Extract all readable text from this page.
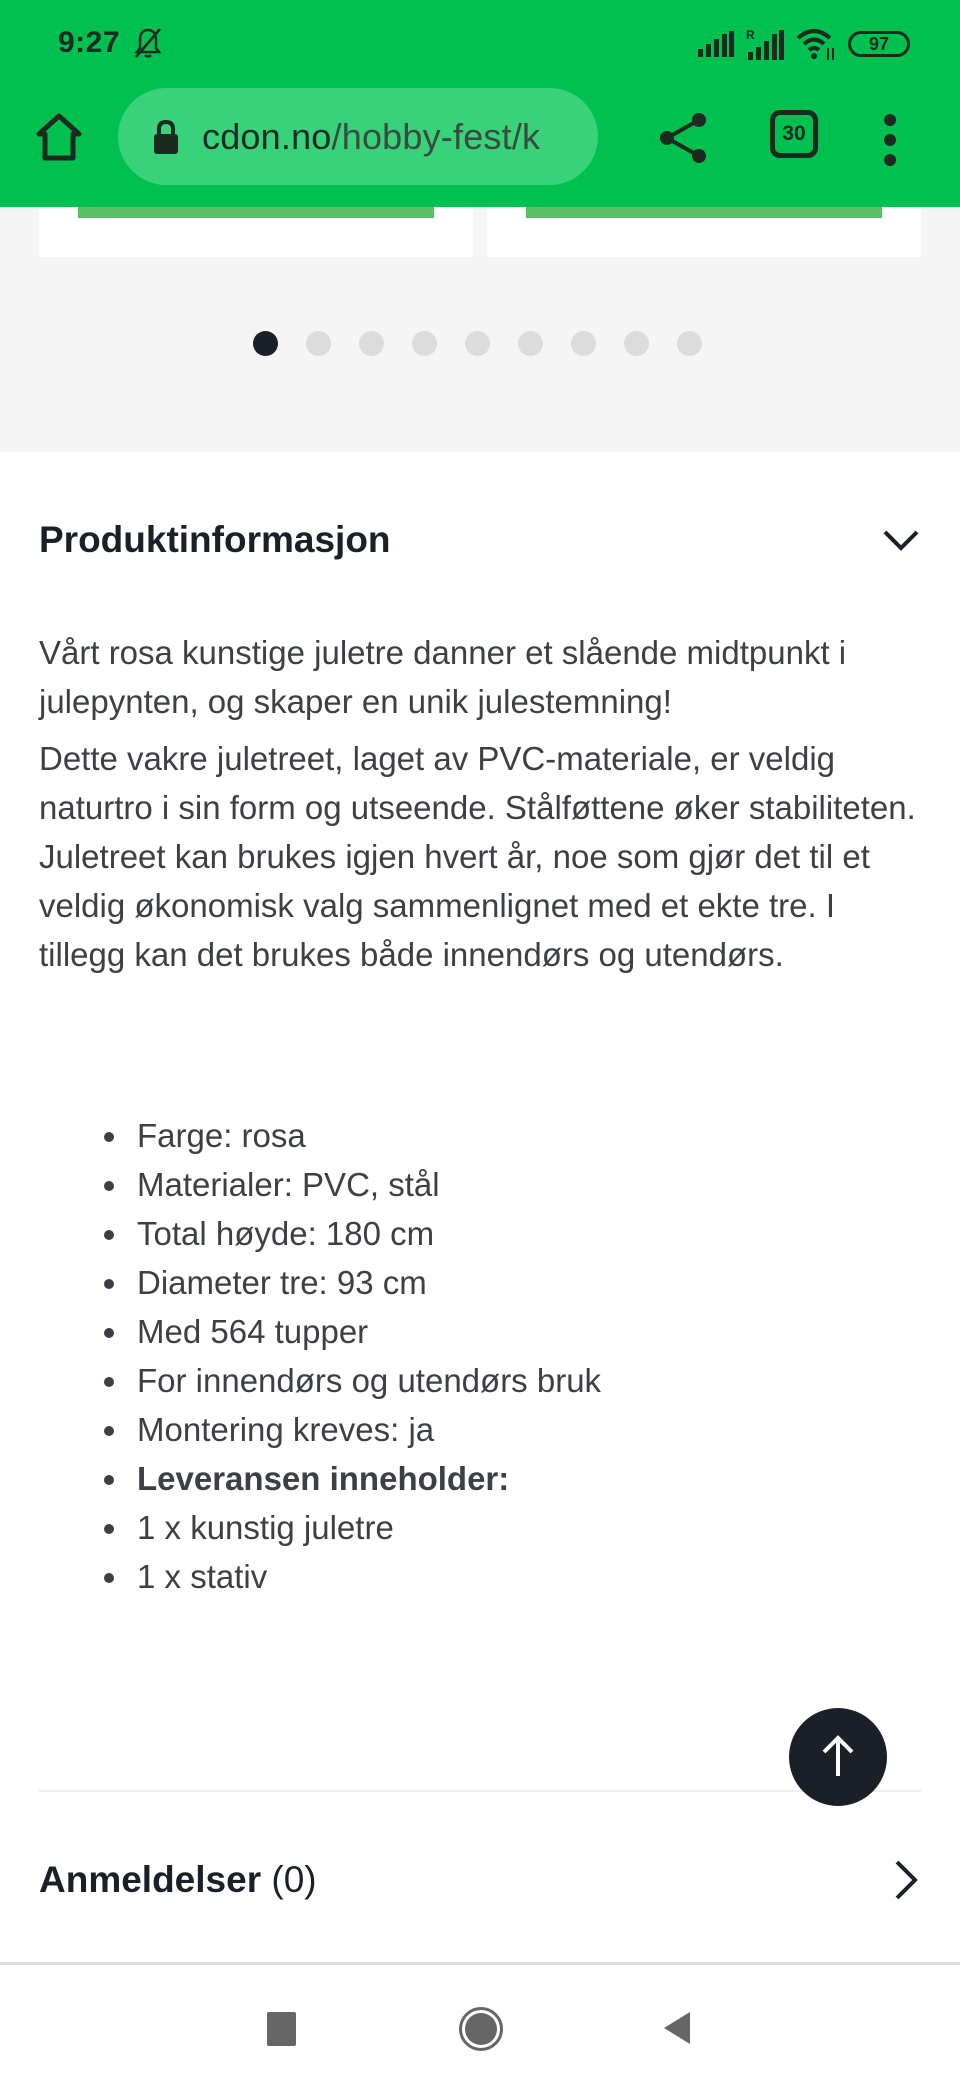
9:27	R	97
cdon.no/hobby-fest/k	30
Produktinformasjon

Vårt rosa kunstige juletre danner et slående midtpunkt i julepynten, og skaper en unik julestemning!

Dette vakre juletreet, laget av PVC-materiale, er veldig naturtro i sin form og utseende. Stålføttene øker stabiliteten. Juletreet kan brukes igjen hvert år, noe som gjør det til et veldig økonomisk valg sammenlignet med et ekte tre. I tillegg kan det brukes både innendørs og utendørs.

Farge: rosa
Materialer: PVC, stål
Total høyde: 180 cm
Diameter tre: 93 cm
Med 564 tupper
For innendørs og utendørs bruk
Montering kreves: ja
Leveransen inneholder:
1 x kunstig juletre
1 x stativ
Anmeldelser (0)
